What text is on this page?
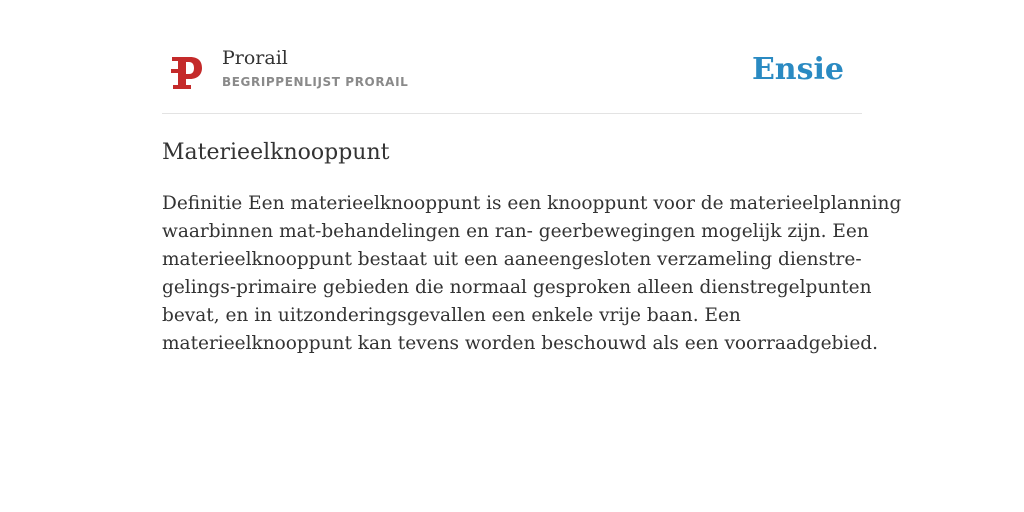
Prorail
BEGRIPPENLIJST PRORAIL	Ensie
Materieelknooppunt

Definitie Een materieelknooppunt is een knooppunt voor de materieelplanning
waarbinnen mat-behandelingen en ran- geerbewegingen mogelijk zijn. Een
materieelknooppunt bestaat uit een aaneengesloten verzameling dienstre-
gelings-primaire gebieden die normaal gesproken alleen dienstregelpunten
bevat, en in uitzonderingsgevallen een enkele vrije baan. Een
materieelknooppunt kan tevens worden beschouwd als een voorraadgebied.
